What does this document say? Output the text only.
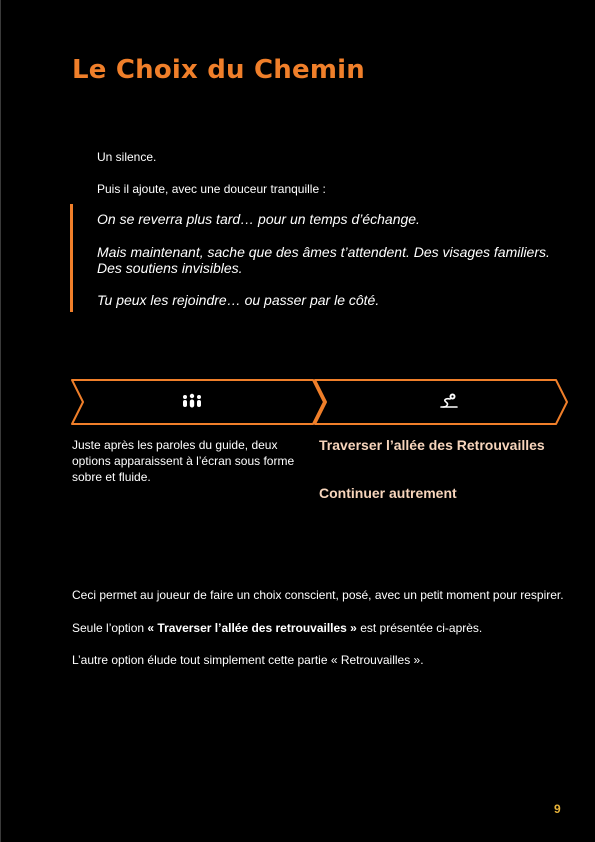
Le Choix du Chemin

Un silence.

Puis il ajoute, avec une douceur tranquille :

On se reverra plus tard… pour un temps d’échange.

Mais maintenant, sache que des âmes t’attendent. Des visages familiers.

Des soutiens invisibles.

Tu peux les rejoindre… ou passer par le côté.

Juste après les paroles du guide, deux options apparaissent à l’écran sous forme sobre et fluide.

Traverser l’allée des Retrouvailles

Continuer autrement

Ceci permet au joueur de faire un choix conscient, posé, avec un petit moment pour respirer.

Seule l’option « Traverser l’allée des retrouvailles » est présentée ci-après.

L’autre option élude tout simplement cette partie « Retrouvailles ».

9
